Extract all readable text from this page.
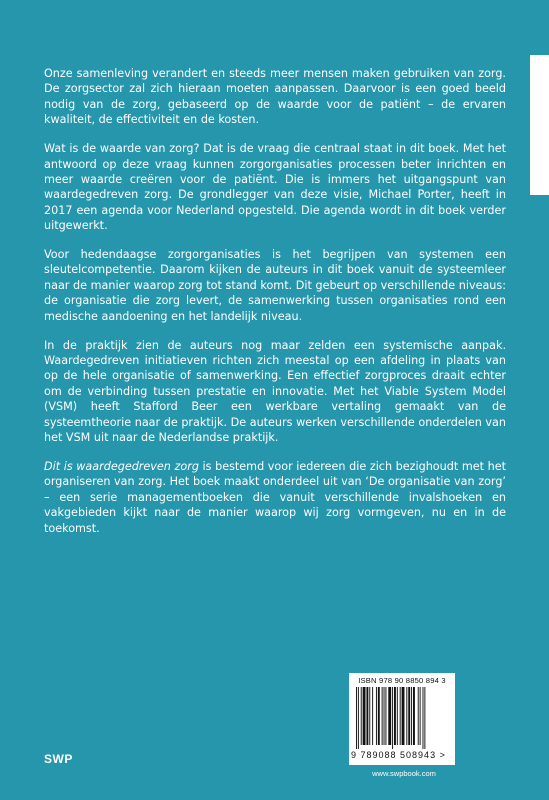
Onze samenleving verandert en steeds meer mensen maken gebruiken van zorg. De zorgsector zal zich hieraan moeten aanpassen. Daarvoor is een goed beeld nodig van de zorg, gebaseerd op de waarde voor de patiënt – de ervaren kwaliteit, de effectiviteit en de kosten.

Wat is de waarde van zorg? Dat is de vraag die centraal staat in dit boek. Met het antwoord op deze vraag kunnen zorgorganisaties processen beter inrichten en meer waarde creëren voor de patiënt. Die is immers het uitgangspunt van waardegedreven zorg. De grondlegger van deze visie, Michael Porter, heeft in 2017 een agenda voor Nederland opgesteld. Die agenda wordt in dit boek verder uitgewerkt.

Voor hedendaagse zorgorganisaties is het begrijpen van systemen een sleutelcompetentie. Daarom kijken de auteurs in dit boek vanuit de systeemleer naar de manier waarop zorg tot stand komt. Dit gebeurt op verschillende niveaus: de organisatie die zorg levert, de samenwerking tussen organisaties rond een medische aandoening en het landelijk niveau.

In de praktijk zien de auteurs nog maar zelden een systemische aanpak. Waardegedreven initiatieven richten zich meestal op een afdeling in plaats van op de hele organisatie of samenwerking. Een effectief zorgproces draait echter om de verbinding tussen prestatie en innovatie. Met het Viable System Model (VSM) heeft Stafford Beer een werkbare vertaling gemaakt van de systeemtheorie naar de praktijk. De auteurs werken verschillende onderdelen van het VSM uit naar de Nederlandse praktijk.

Dit is waardegedreven zorg is bestemd voor iedereen die zich bezighoudt met het organiseren van zorg. Het boek maakt onderdeel uit van ‘De organisatie van zorg’ – een serie managementboeken die vanuit verschillende invalshoeken en vakgebieden kijkt naar de manier waarop wij zorg vormgeven, nu en in de toekomst.

ISBN 978 90 8850 894 3
9 789088 508943 >
www.swpbook.com
SWP
